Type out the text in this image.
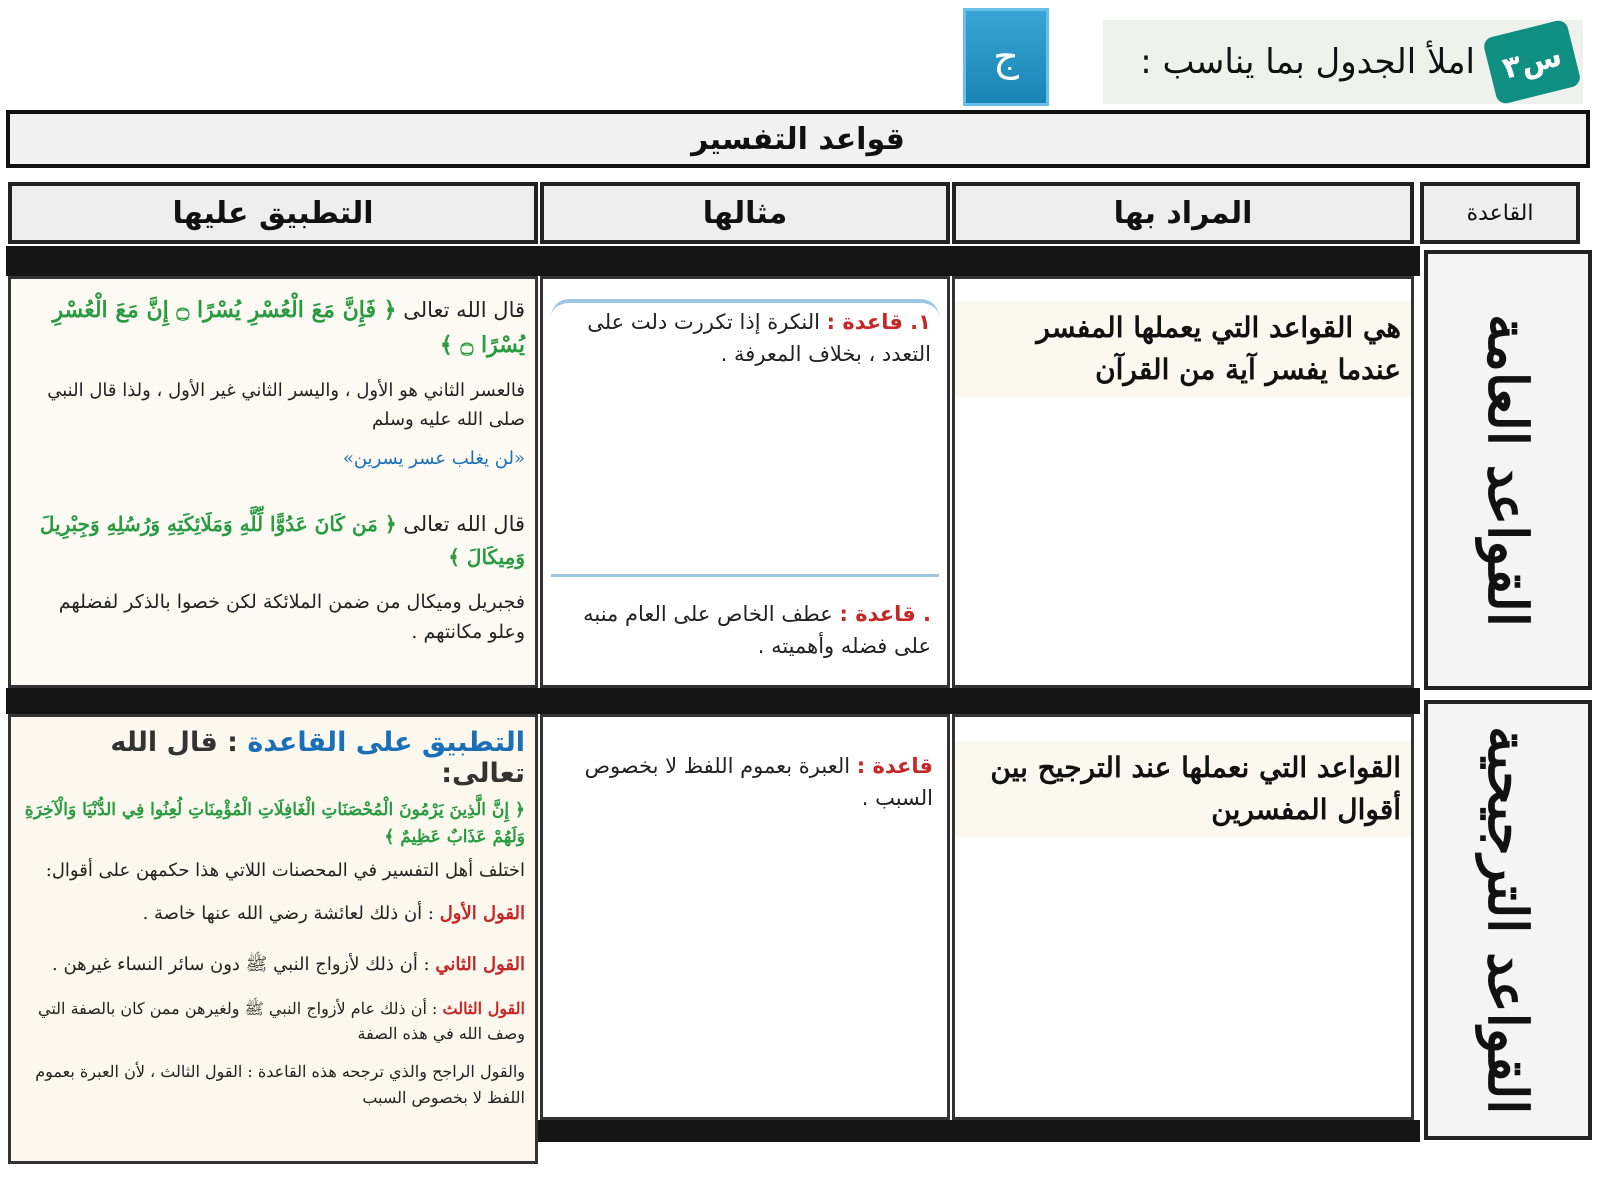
س٣
املأ الجدول بما يناسب :
ج
قواعد التفسير
القاعدة
المراد بها
مثالها
التطبيق عليها
القواعد العامة
القواعد الترجيحية
هي القواعد التي يعملها المفسر عندما يفسر آية من القرآن
١. قاعدة : النكرة إذا تكررت دلت على التعدد ، بخلاف المعرفة .
. قاعدة : عطف الخاص على العام منبه على فضله وأهميته .
قال الله تعالى ﴿ فَإِنَّ مَعَ الْعُسْرِ يُسْرًا ۝ إِنَّ مَعَ الْعُسْرِ يُسْرًا ۝ ﴾
فالعسر الثاني هو الأول ، واليسر الثاني غير الأول ، ولذا قال النبي صلى الله عليه وسلم
«لن يغلب عسر يسرين»
قال الله تعالى ﴿ مَن كَانَ عَدُوًّا لِّلَّهِ وَمَلَائِكَتِهِ وَرُسُلِهِ وَجِبْرِيلَ وَمِيكَالَ ﴾
فجبريل وميكال من ضمن الملائكة لكن خصوا بالذكر لفضلهم وعلو مكانتهم .
القواعد التي نعملها عند الترجيح بين أقوال المفسرين
قاعدة : العبرة بعموم اللفظ لا بخصوص السبب .
التطبيق على القاعدة : قال الله تعالى:
﴿ إِنَّ الَّذِينَ يَرْمُونَ الْمُحْصَنَاتِ الْغَافِلَاتِ الْمُؤْمِنَاتِ لُعِنُوا فِي الدُّنْيَا وَالْآخِرَةِ وَلَهُمْ عَذَابٌ عَظِيمٌ ﴾
اختلف أهل التفسير في المحصنات اللاتي هذا حكمهن على أقوال:
القول الأول : أن ذلك لعائشة رضي الله عنها خاصة .
القول الثاني : أن ذلك لأزواج النبي ﷺ دون سائر النساء غيرهن .
القول الثالث : أن ذلك عام لأزواج النبي ﷺ ولغيرهن ممن كان بالصفة التي وصف الله في هذه الصفة
والقول الراجح والذي ترجحه هذه القاعدة : القول الثالث ، لأن العبرة بعموم اللفظ لا بخصوص السبب
